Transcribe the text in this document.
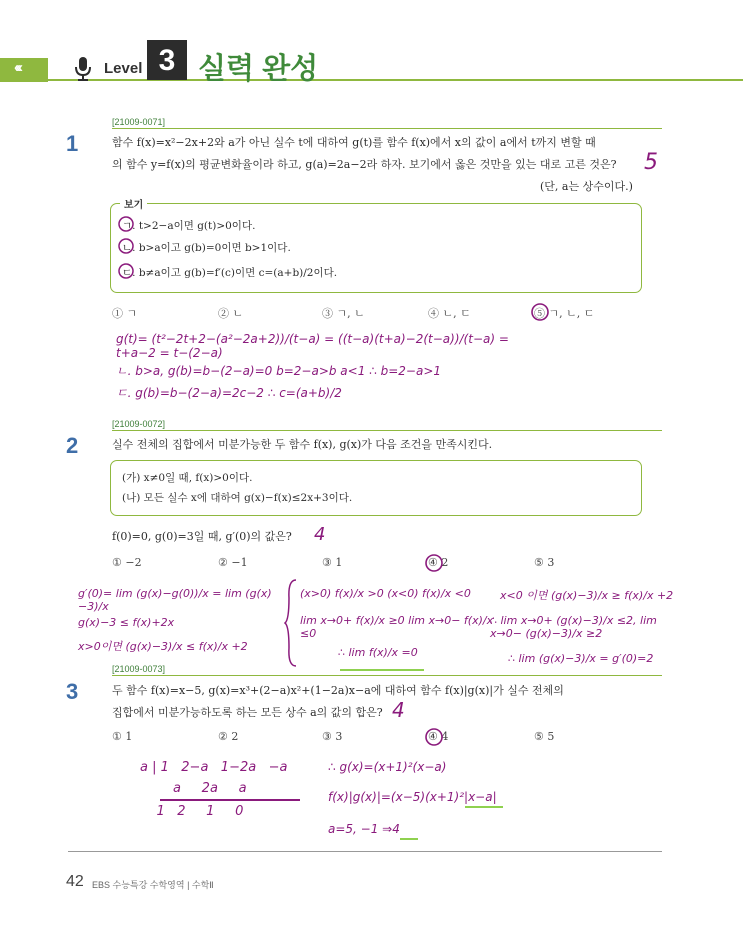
‹‹‹	Level 3 실력 완성
[21009-0071]
1	함수 f(x)=x²−2x+2와 a가 아닌 실수 t에 대하여 g(t)를 함수 f(x)에서 x의 값이 a에서 t까지 변할 때
의 함수 y=f(x)의 평균변화율이라 하고, g(a)=2a−2라 하자. 보기에서 옳은 것만을 있는 대로 고른 것은?	5
(단, a는 상수이다.)
보기
ㄱ. t>2−a이면 g(t)>0이다.
ㄴ. b>a이고 g(b)=0이면 b>1이다.
ㄷ. b≠a이고 g(b)=f′(c)이면 c=(a+b)/2이다.
① ㄱ	② ㄴ	③ ㄱ, ㄴ	④ ㄴ, ㄷ	⑤ ㄱ, ㄴ, ㄷ
g(t)= (t²−2t+2−(a²−2a+2))/(t−a) = ((t−a)(t+a)−2(t−a))/(t−a) = t+a−2 = t−(2−a)
ㄴ. b>a, g(b)=b−(2−a)=0 b=2−a>b a<1 ∴ b=2−a>1
ㄷ. g(b)=b−(2−a)=2c−2 ∴ c=(a+b)/2
[21009-0072]
2	실수 전체의 집합에서 미분가능한 두 함수 f(x), g(x)가 다음 조건을 만족시킨다.
(가) x≠0일 때, f(x)>0이다.
(나) 모든 실수 x에 대하여 g(x)−f(x)≤2x+3이다.
f(0)=0, g(0)=3일 때, g′(0)의 값은? 4
① −2	② −1	③ 1	④ 2	⑤ 3
g′(0)= lim (g(x)−g(0))/x = lim (g(x)−3)/x
g(x)−3 ≤ f(x)+2x
x>0이면 (g(x)−3)/x ≤ f(x)/x +2
(x>0) f(x)/x >0 (x<0) f(x)/x <0
lim x→0+ f(x)/x ≥0 lim x→0− f(x)/x ≤0
∴ lim f(x)/x =0
x<0 이면 (g(x)−3)/x ≥ f(x)/x +2
∴ lim x→0+ (g(x)−3)/x ≤2, lim x→0− (g(x)−3)/x ≥2
∴ lim (g(x)−3)/x = g′(0)=2
[21009-0073]
3	두 함수 f(x)=x−5, g(x)=x³+(2−a)x²+(1−2a)x−a에 대하여 함수 f(x)|g(x)|가 실수 전체의
집합에서 미분가능하도록 하는 모든 상수 a의 값의 합은? 4
① 1	② 2	③ 3	④ 4	⑤ 5
a | 1   2−a   1−2a   −a
a     2a     a
1   2     1     0
∴ g(x)=(x+1)²(x−a)
f(x)|g(x)|=(x−5)(x+1)²|x−a|
a=5, −1 ⇒4
42 EBS 수능특강 수학영역 | 수학Ⅱ
